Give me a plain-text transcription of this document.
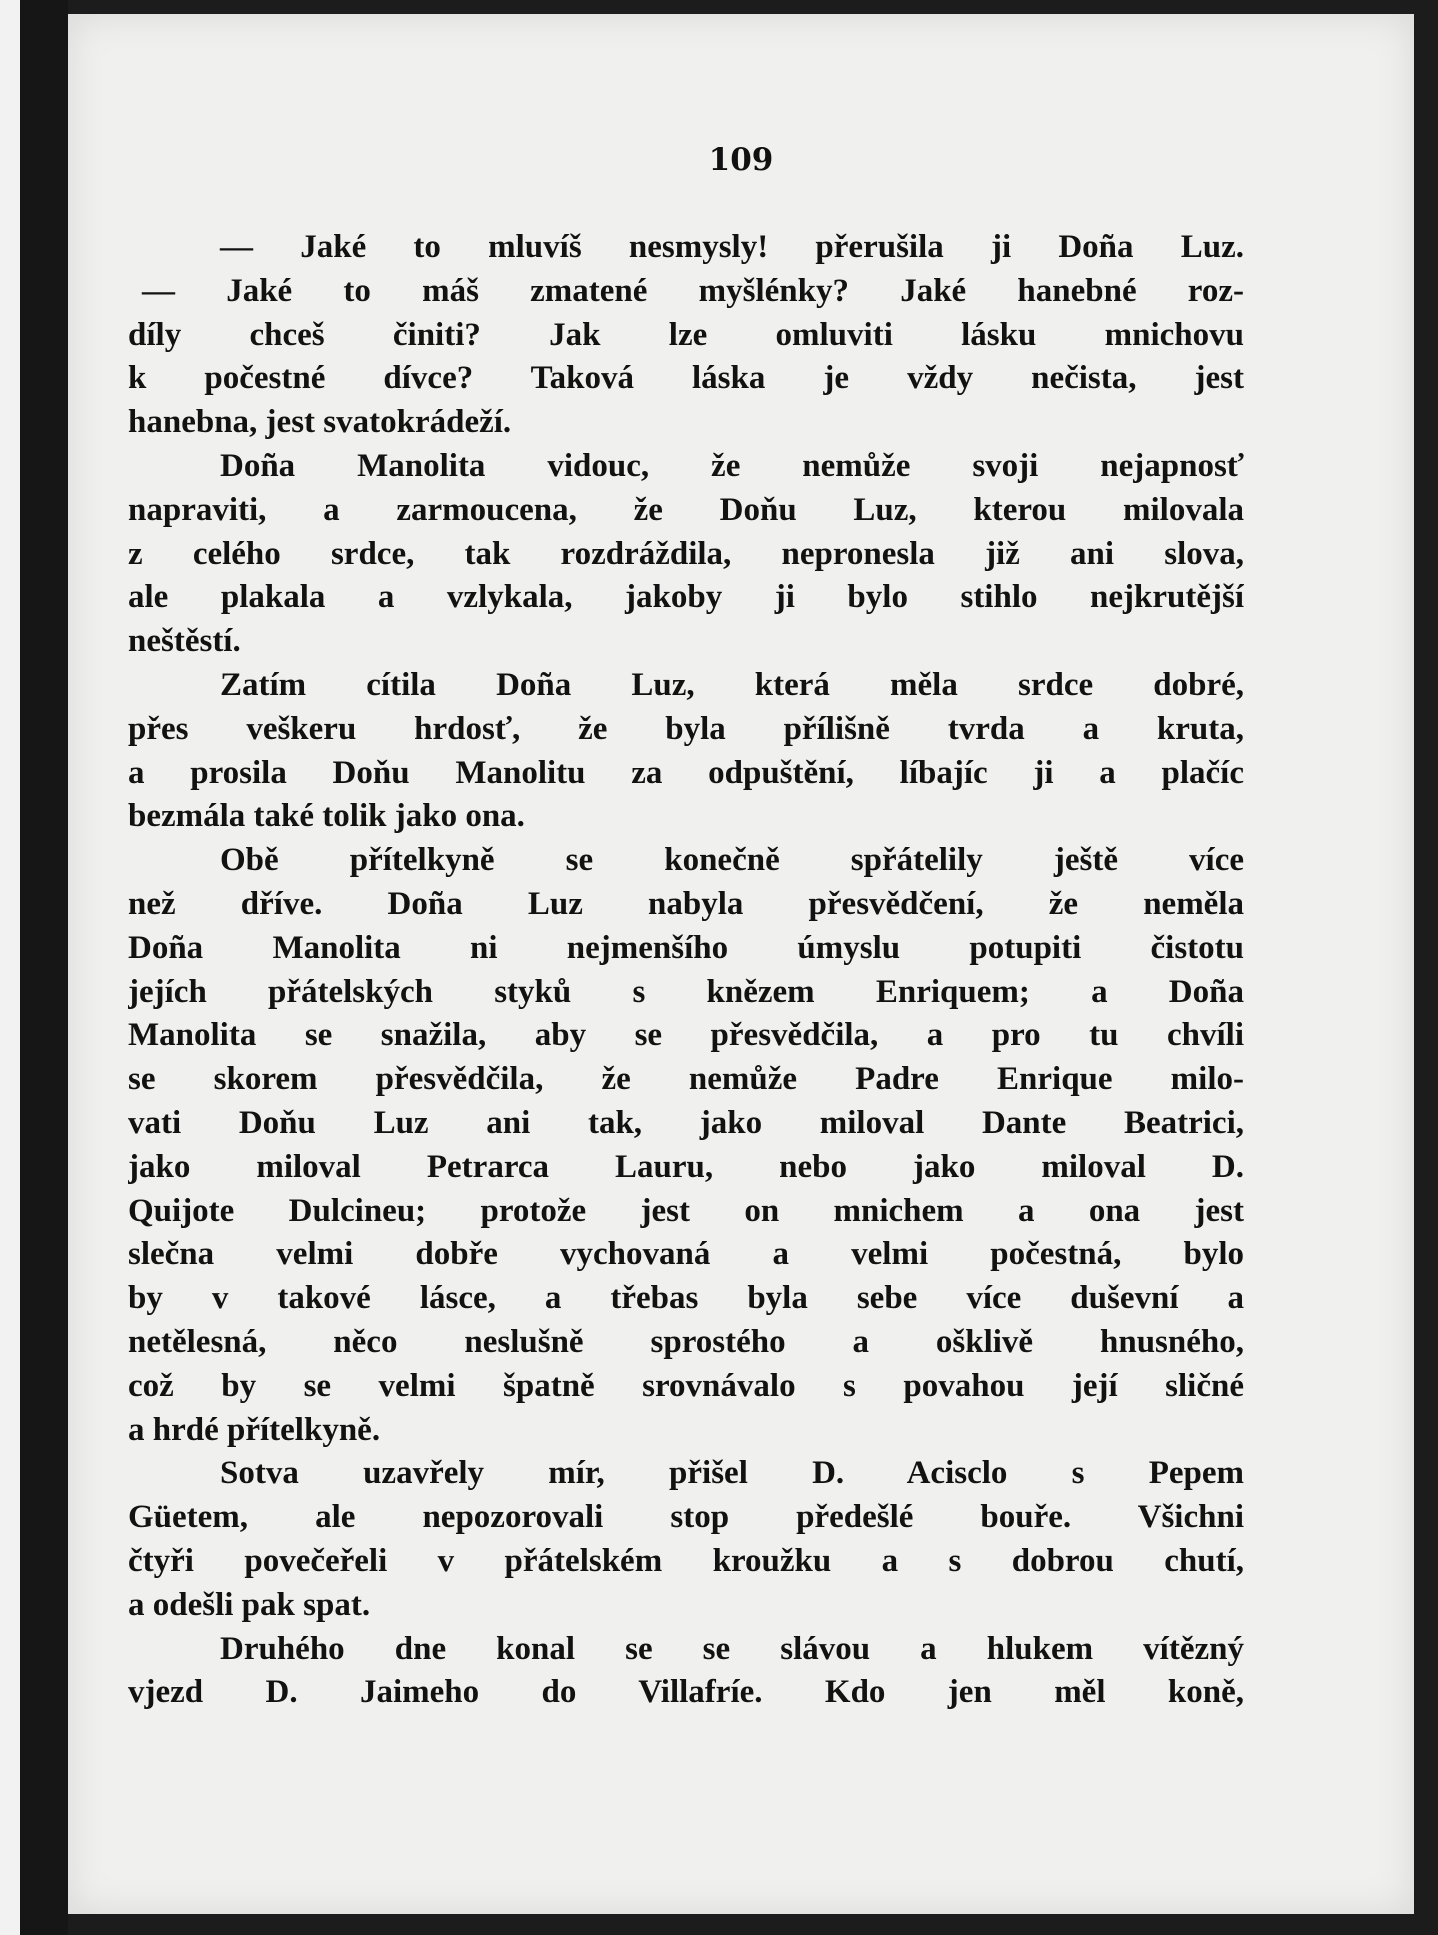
109
— Jaké to mluvíš nesmysly! přerušila ji Doña Luz.
— Jaké to máš zmatené myšlénky? Jaké hanebné roz-
díly chceš činiti? Jak lze omluviti lásku mnichovu
k počestné dívce? Taková láska je vždy nečista, jest
hanebna, jest svatokrádeží.
Doña Manolita vidouc, že nemůže svoji nejapnosť
napraviti, a zarmoucena, že Doňu Luz, kterou milovala
z celého srdce, tak rozdráždila, nepronesla již ani slova,
ale plakala a vzlykala, jakoby ji bylo stihlo nejkrutější
neštěstí.
Zatím cítila Doña Luz, která měla srdce dobré,
přes veškeru hrdosť, že byla přílišně tvrda a kruta,
a prosila Doňu Manolitu za odpuštění, líbajíc ji a plačíc
bezmála také tolik jako ona.
Obě přítelkyně se konečně spřátelily ještě více
než dříve. Doña Luz nabyla přesvědčení, že neměla
Doña Manolita ni nejmenšího úmyslu potupiti čistotu
jejích přátelských styků s knězem Enriquem; a Doña
Manolita se snažila, aby se přesvědčila, a pro tu chvíli
se skorem přesvědčila, že nemůže Padre Enrique milo-
vati Doňu Luz ani tak, jako miloval Dante Beatrici,
jako miloval Petrarca Lauru, nebo jako miloval D.
Quijote Dulcineu; protože jest on mnichem a ona jest
slečna velmi dobře vychovaná a velmi počestná, bylo
by v takové lásce, a třebas byla sebe více duševní a
netělesná, něco neslušně sprostého a ošklivě hnusného,
což by se velmi špatně srovnávalo s povahou její sličné
a hrdé přítelkyně.
Sotva uzavřely mír, přišel D. Acisclo s Pepem
Güetem, ale nepozorovali stop předešlé bouře. Všichni
čtyři povečeřeli v přátelském kroužku a s dobrou chutí,
a odešli pak spat.
Druhého dne konal se se slávou a hlukem vítězný
vjezd D. Jaimeho do Villafríe. Kdo jen měl koně,
